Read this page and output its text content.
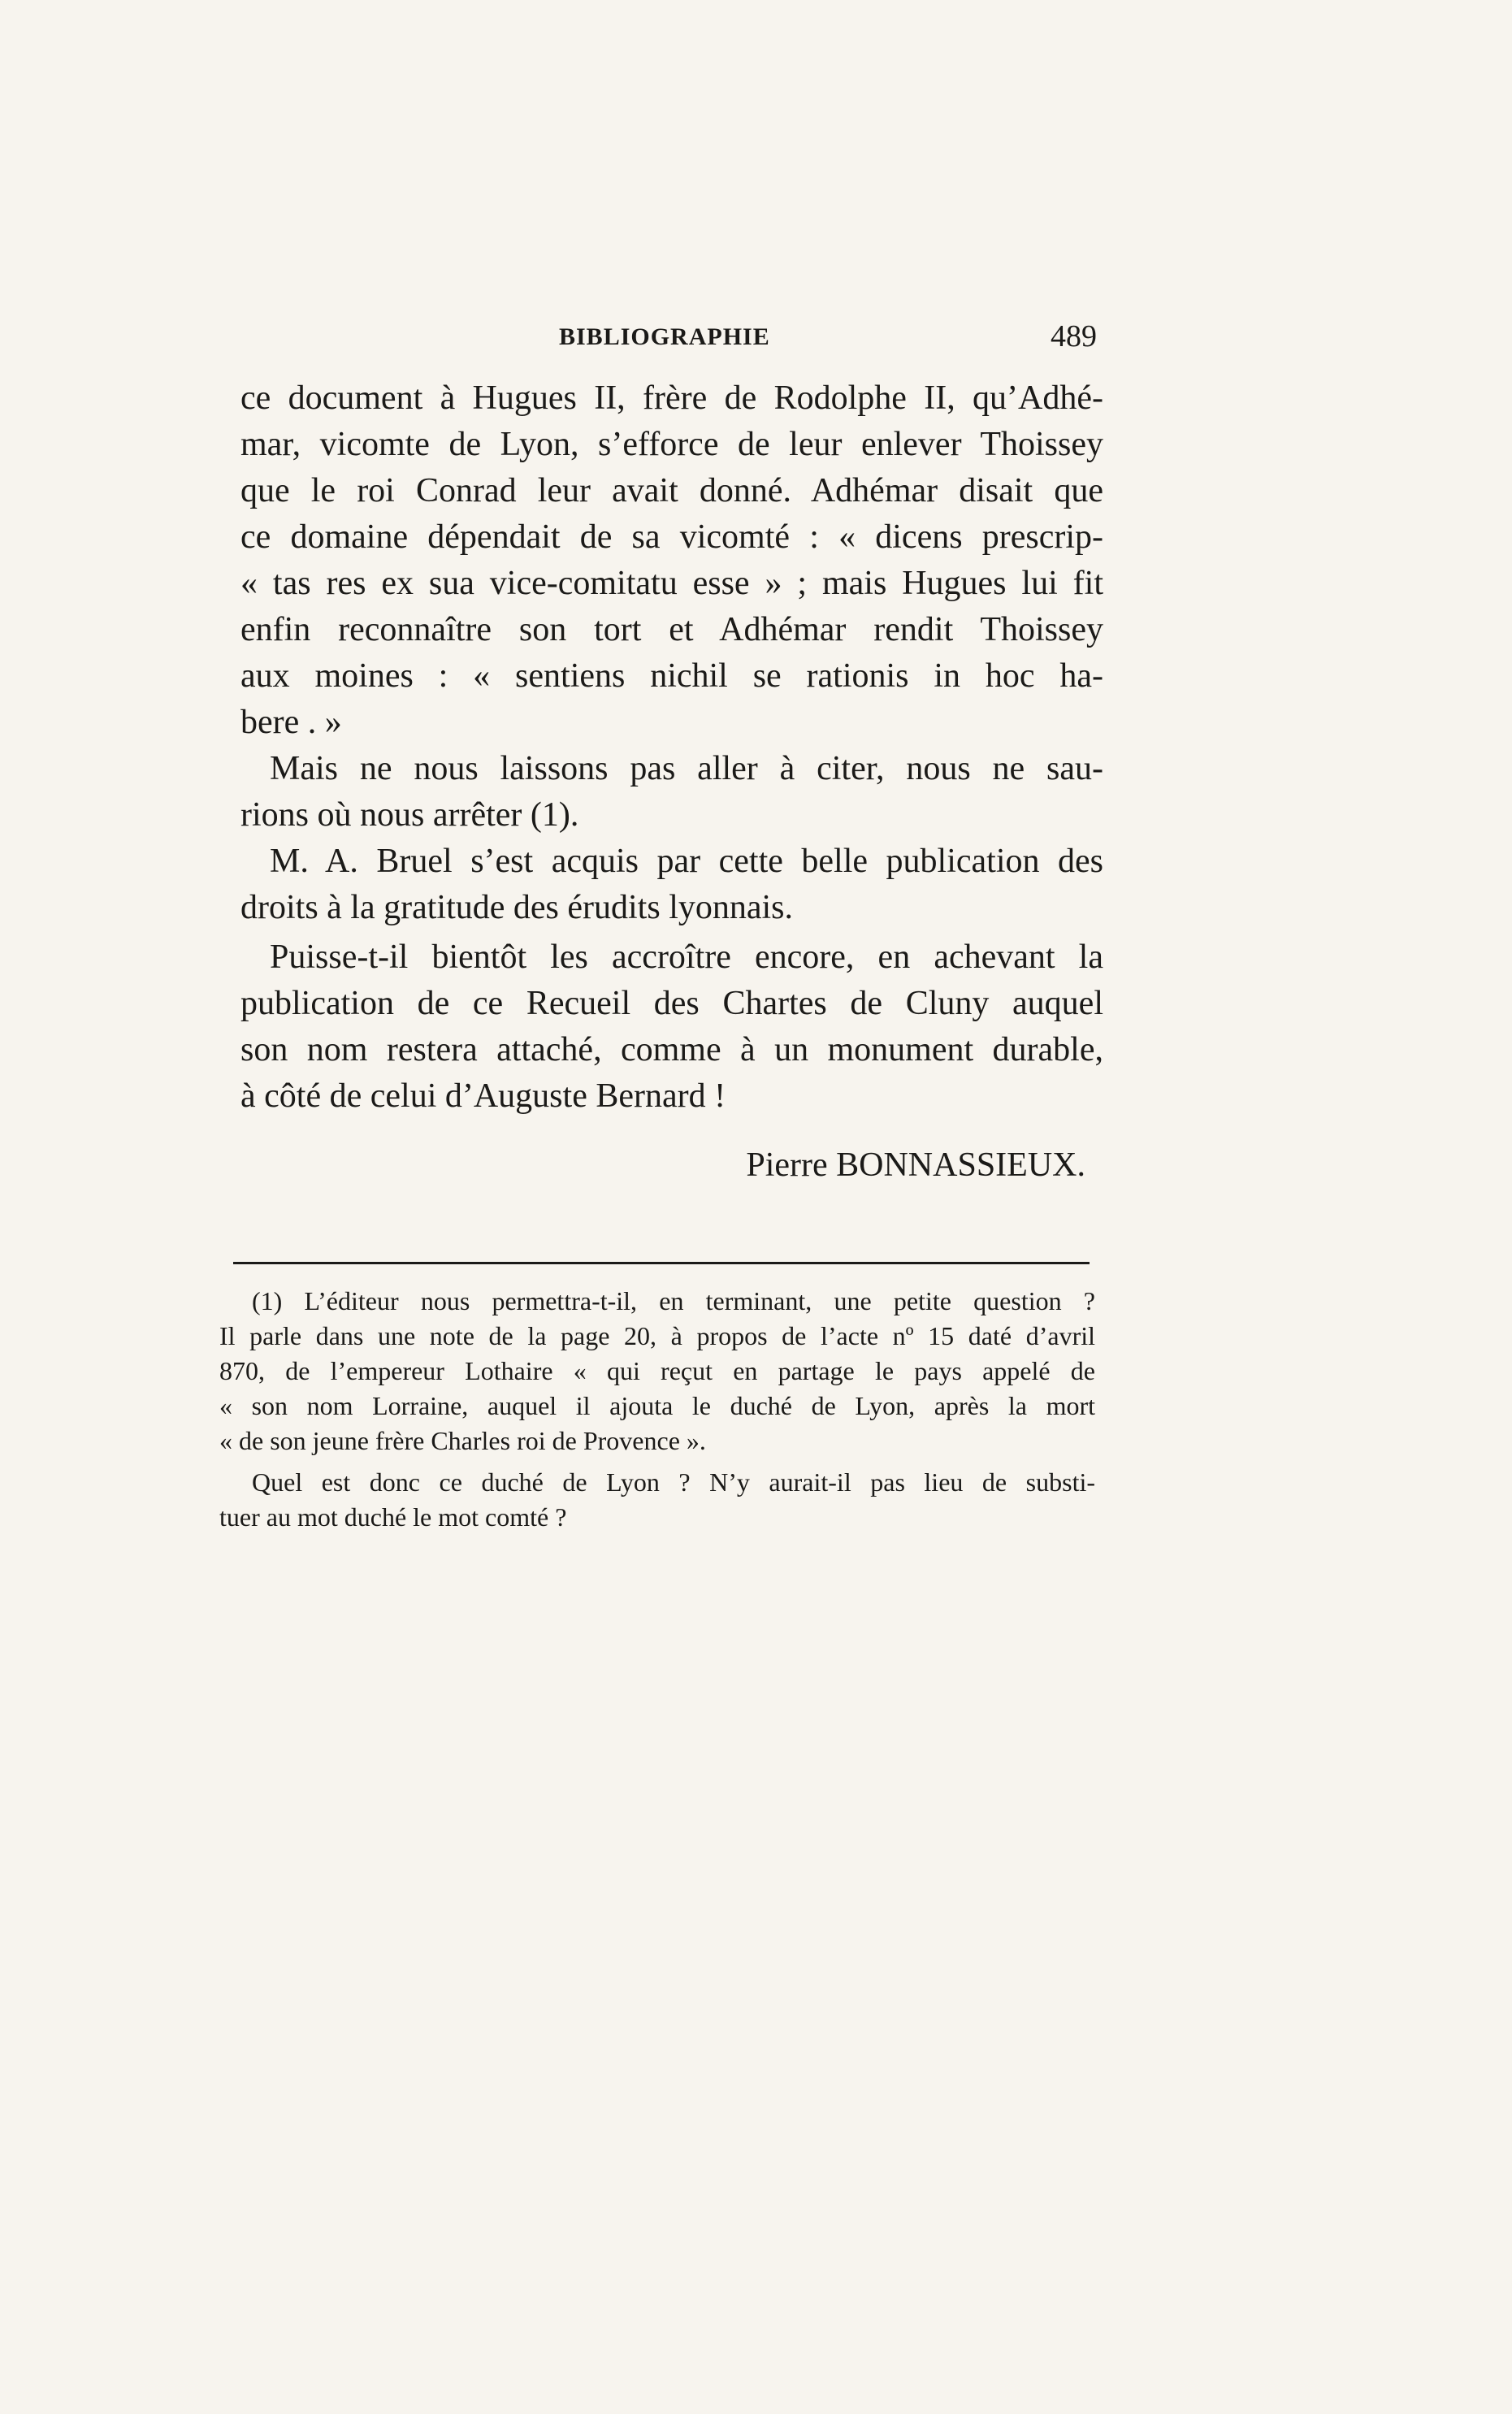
BIBLIOGRAPHIE	489
ce document à Hugues II, frère de Rodolphe II, qu’Adhé-
mar, vicomte de Lyon, s’efforce de leur enlever Thoissey
que le roi Conrad leur avait donné. Adhémar disait que
ce domaine dépendait de sa vicomté : « dicens prescrip-
« tas res ex sua vice-comitatu esse » ; mais Hugues lui fit
enfin reconnaître son tort et Adhémar rendit Thoissey
aux moines : « sentiens nichil se rationis in hoc ha-
bere . »
Mais ne nous laissons pas aller à citer, nous ne sau-
rions où nous arrêter (1).
M. A. Bruel s’est acquis par cette belle publication des
droits à la gratitude des érudits lyonnais.
Puisse-t-il bientôt les accroître encore, en achevant la
publication de ce Recueil des Chartes de Cluny auquel
son nom restera attaché, comme à un monument durable,
à côté de celui d’Auguste Bernard !
Pierre BONNASSIEUX.
(1) L’éditeur nous permettra-t-il, en terminant, une petite question ?
Il parle dans une note de la page 20, à propos de l’acte nº 15 daté d’avril
870, de l’empereur Lothaire « qui reçut en partage le pays appelé de
« son nom Lorraine, auquel il ajouta le duché de Lyon, après la mort
« de son jeune frère Charles roi de Provence ».
Quel est donc ce duché de Lyon ? N’y aurait-il pas lieu de substi-
tuer au mot duché le mot comté ?
